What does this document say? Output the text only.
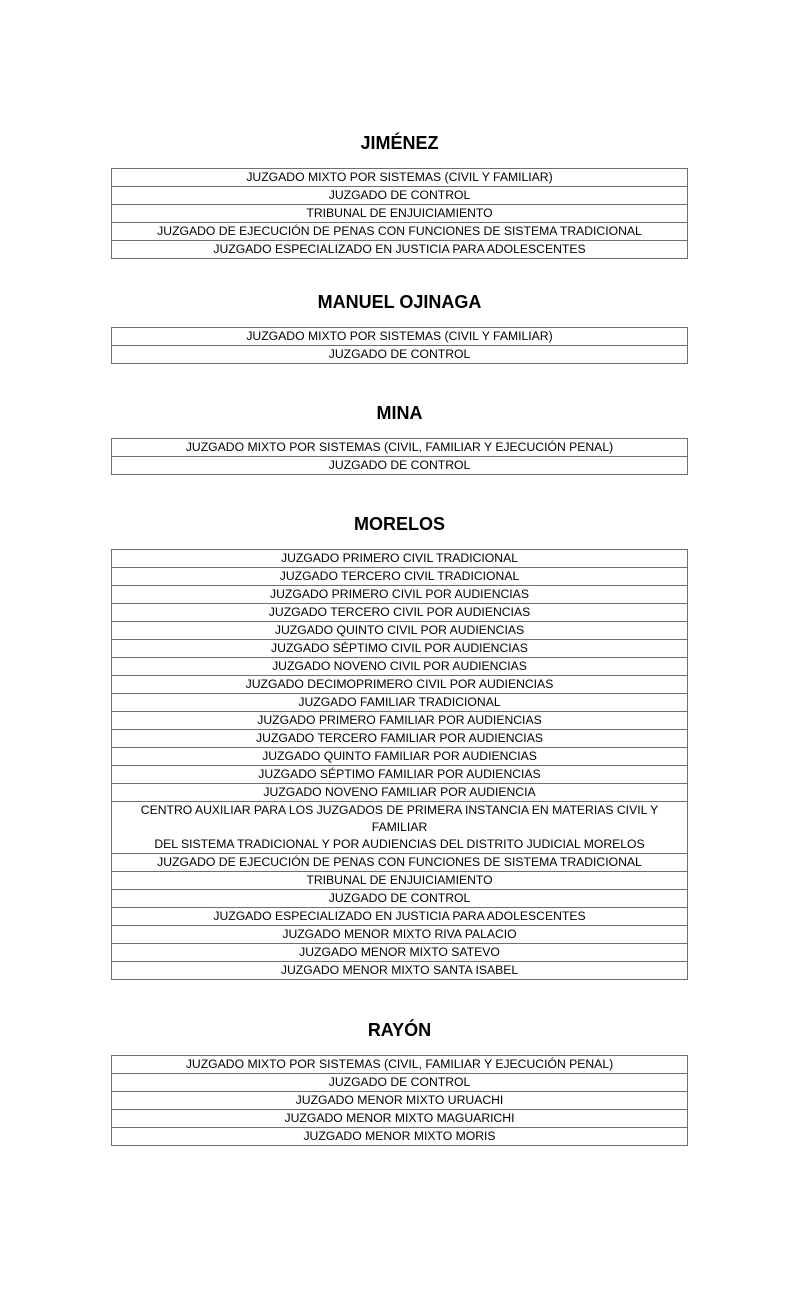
JIMÉNEZ
JUZGADO MIXTO POR SISTEMAS (CIVIL Y FAMILIAR)
JUZGADO DE CONTROL
TRIBUNAL DE ENJUICIAMIENTO
JUZGADO DE EJECUCIÓN DE PENAS CON FUNCIONES DE SISTEMA TRADICIONAL
JUZGADO ESPECIALIZADO EN JUSTICIA PARA ADOLESCENTES
MANUEL OJINAGA
JUZGADO MIXTO POR SISTEMAS (CIVIL Y FAMILIAR)
JUZGADO DE CONTROL
MINA
JUZGADO MIXTO POR SISTEMAS (CIVIL, FAMILIAR Y EJECUCIÓN PENAL)
JUZGADO DE CONTROL
MORELOS
JUZGADO PRIMERO CIVIL TRADICIONAL
JUZGADO TERCERO CIVIL TRADICIONAL
JUZGADO PRIMERO CIVIL POR AUDIENCIAS
JUZGADO TERCERO CIVIL POR AUDIENCIAS
JUZGADO QUINTO CIVIL POR AUDIENCIAS
JUZGADO SÉPTIMO CIVIL POR AUDIENCIAS
JUZGADO NOVENO CIVIL POR AUDIENCIAS
JUZGADO DECIMOPRIMERO CIVIL POR AUDIENCIAS
JUZGADO FAMILIAR TRADICIONAL
JUZGADO PRIMERO FAMILIAR POR AUDIENCIAS
JUZGADO TERCERO FAMILIAR POR AUDIENCIAS
JUZGADO QUINTO FAMILIAR POR AUDIENCIAS
JUZGADO SÉPTIMO FAMILIAR POR AUDIENCIAS
JUZGADO NOVENO FAMILIAR POR AUDIENCIA
CENTRO AUXILIAR PARA LOS JUZGADOS DE PRIMERA INSTANCIA EN MATERIAS CIVIL Y FAMILIAR
DEL SISTEMA TRADICIONAL Y POR AUDIENCIAS DEL DISTRITO JUDICIAL MORELOS
JUZGADO DE EJECUCIÓN DE PENAS CON FUNCIONES DE SISTEMA TRADICIONAL
TRIBUNAL DE ENJUICIAMIENTO
JUZGADO DE CONTROL
JUZGADO ESPECIALIZADO EN JUSTICIA PARA ADOLESCENTES
JUZGADO MENOR MIXTO RIVA PALACIO
JUZGADO MENOR MIXTO SATEVO
JUZGADO MENOR MIXTO SANTA ISABEL
RAYÓN
JUZGADO MIXTO POR SISTEMAS (CIVIL, FAMILIAR Y EJECUCIÓN PENAL)
JUZGADO DE CONTROL
JUZGADO MENOR MIXTO URUACHI
JUZGADO MENOR MIXTO MAGUARICHI
JUZGADO MENOR MIXTO MORIS
